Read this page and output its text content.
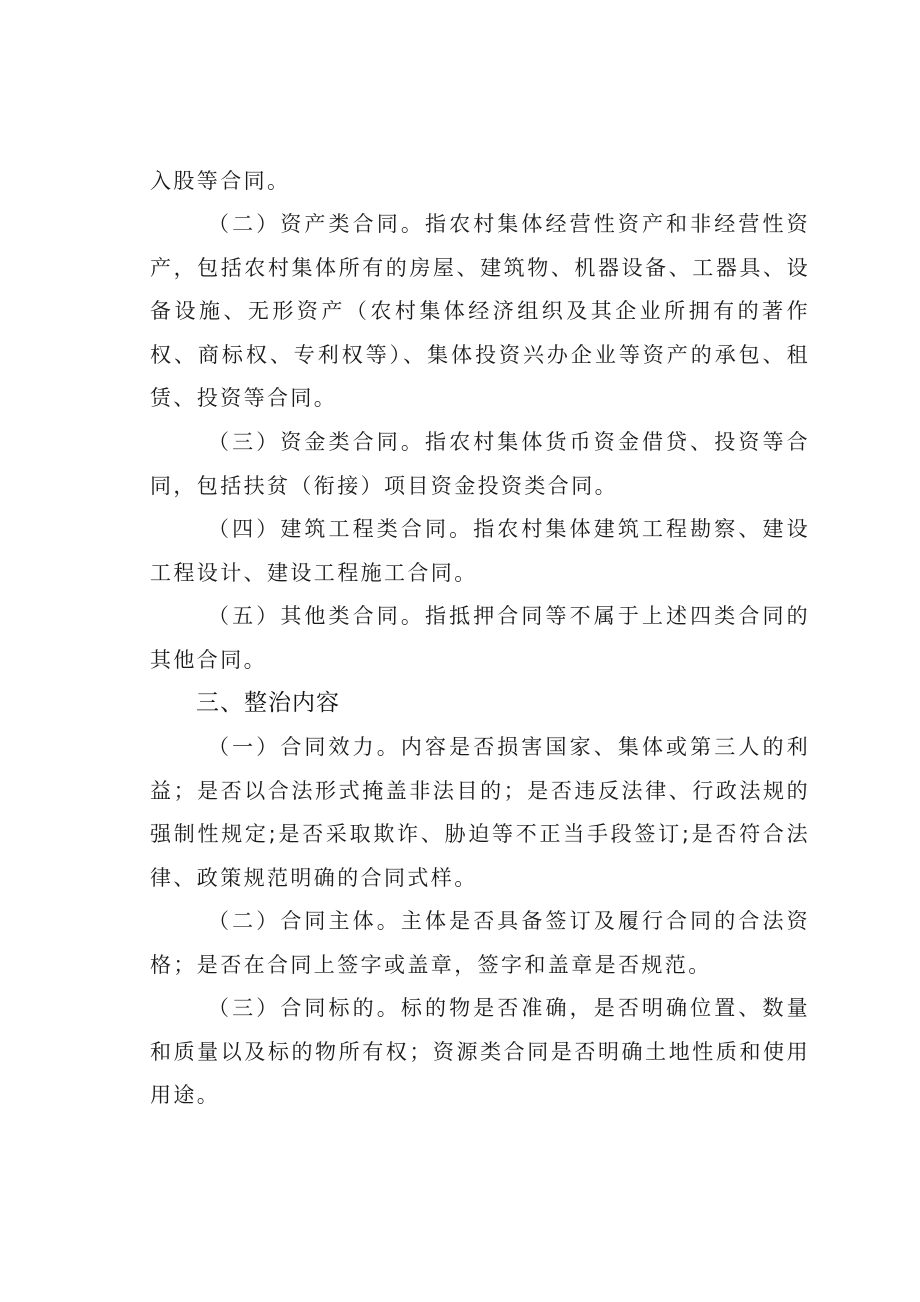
入股等合同。

（二）资产类合同。指农村集体经营性资产和非经营性资产，包括农村集体所有的房屋、建筑物、机器设备、工器具、设备设施、无形资产（农村集体经济组织及其企业所拥有的著作权、商标权、专利权等）、集体投资兴办企业等资产的承包、租赁、投资等合同。

（三）资金类合同。指农村集体货币资金借贷、投资等合同，包括扶贫（衔接）项目资金投资类合同。

（四）建筑工程类合同。指农村集体建筑工程勘察、建设工程设计、建设工程施工合同。

（五）其他类合同。指抵押合同等不属于上述四类合同的其他合同。

三、整治内容

（一）合同效力。内容是否损害国家、集体或第三人的利益；是否以合法形式掩盖非法目的；是否违反法律、行政法规的强制性规定;是否采取欺诈、胁迫等不正当手段签订;是否符合法律、政策规范明确的合同式样。

（二）合同主体。主体是否具备签订及履行合同的合法资格；是否在合同上签字或盖章，签字和盖章是否规范。

（三）合同标的。标的物是否准确，是否明确位置、数量和质量以及标的物所有权；资源类合同是否明确土地性质和使用用途。
